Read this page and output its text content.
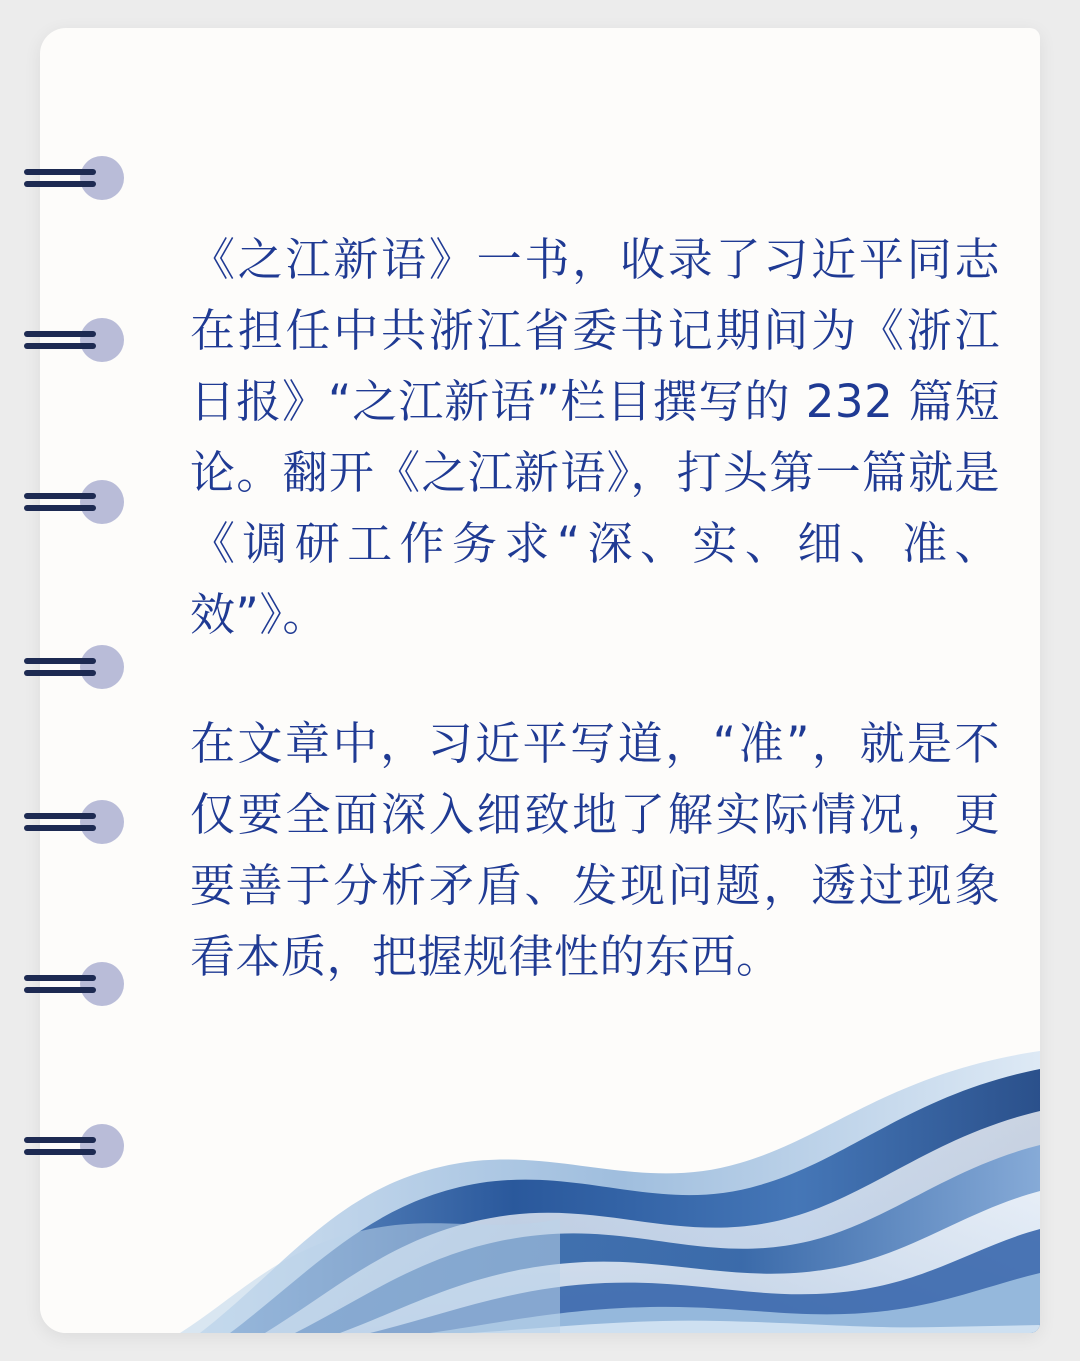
《之江新语》一书，收录了习近平同志在担任中共浙江省委书记期间为《浙江日报》“之江新语”栏目撰写的 232 篇短论。翻开《之江新语》，打头第一篇就是《调研工作务求“深、实、细、准、效”》。

在文章中，习近平写道，“准”，就是不仅要全面深入细致地了解实际情况，更要善于分析矛盾、发现问题，透过现象看本质，把握规律性的东西。
